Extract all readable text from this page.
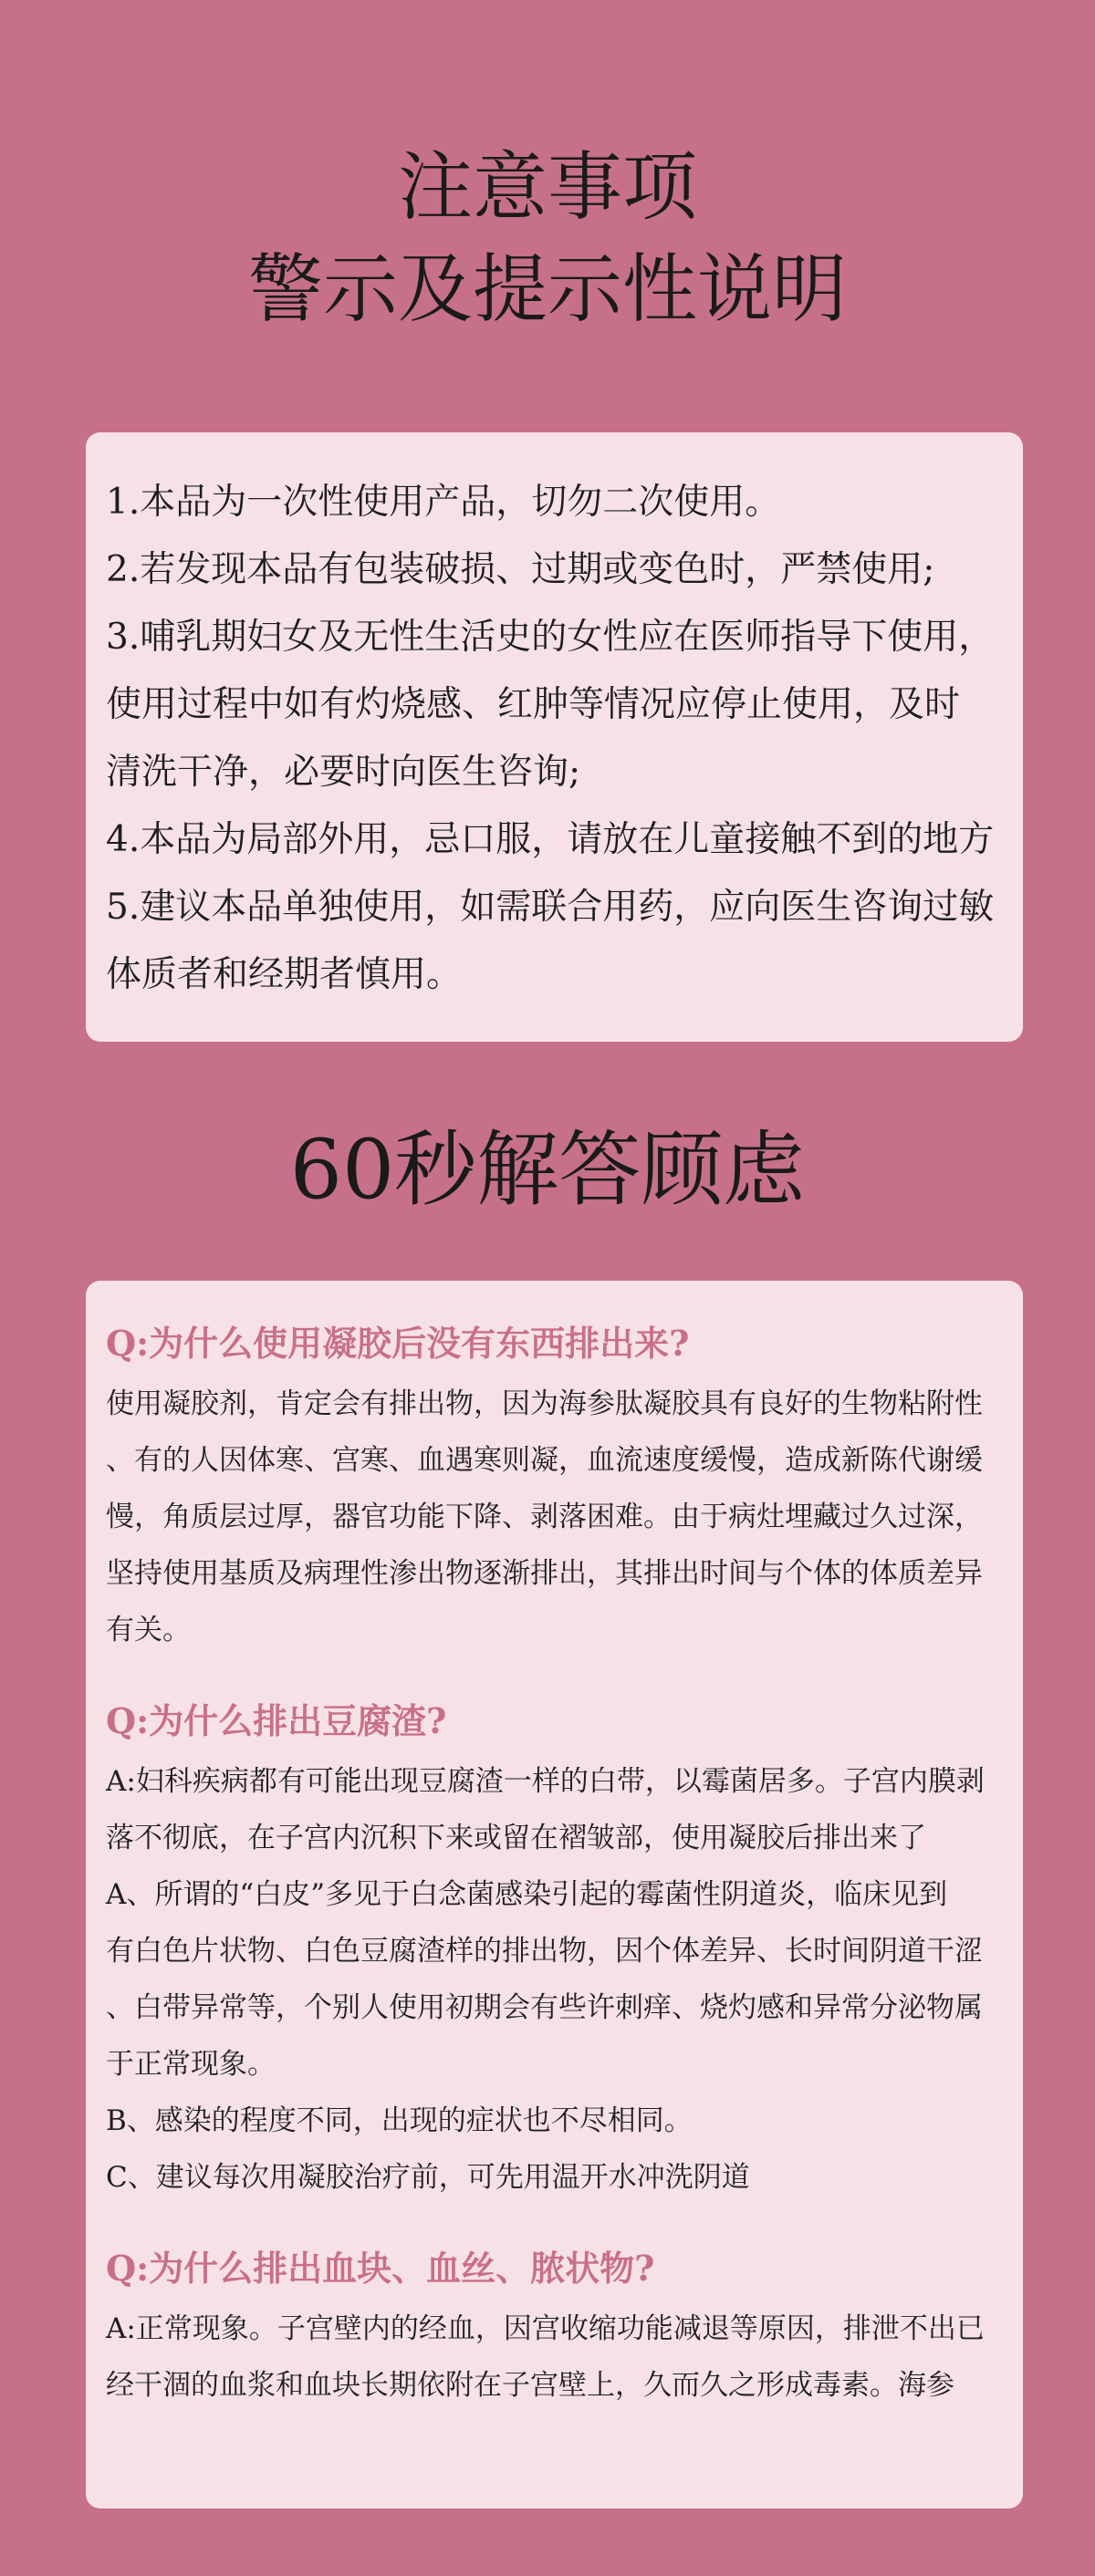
注意事项
警示及提示性说明
1.本品为一次性使用产品，切勿二次使用。
2.若发现本品有包装破损、过期或变色时，严禁使用;
3.哺乳期妇女及无性生活史的女性应在医师指导下使用，
使用过程中如有灼烧感、红肿等情况应停止使用，及时
清洗干净，必要时向医生咨询;
4.本品为局部外用，忌口服，请放在儿童接触不到的地方
5.建议本品单独使用，如需联合用药，应向医生咨询过敏
体质者和经期者慎用。
60秒解答顾虑
Q:为什么使用凝胶后没有东西排出来?
使用凝胶剂，肯定会有排出物，因为海参肽凝胶具有良好的生物粘附性
、有的人因体寒、宫寒、血遇寒则凝，血流速度缓慢，造成新陈代谢缓
慢，角质层过厚，器官功能下降、剥落困难。由于病灶埋藏过久过深，
坚持使用基质及病理性渗出物逐渐排出，其排出时间与个体的体质差异
有关。
Q:为什么排出豆腐渣?
A:妇科疾病都有可能出现豆腐渣一样的白带，以霉菌居多。子宫内膜剥
落不彻底，在子宫内沉积下来或留在褶皱部，使用凝胶后排出来了
A、所谓的“白皮”多见于白念菌感染引起的霉菌性阴道炎，临床见到
有白色片状物、白色豆腐渣样的排出物，因个体差异、长时间阴道干涩
、白带异常等，个别人使用初期会有些许刺痒、烧灼感和异常分泌物属
于正常现象。
B、感染的程度不同，出现的症状也不尽相同。
C、建议每次用凝胶治疗前，可先用温开水冲洗阴道
Q:为什么排出血块、血丝、脓状物?
A:正常现象。子宫壁内的经血，因宫收缩功能减退等原因，排泄不出已
经干涸的血浆和血块长期依附在子宫壁上，久而久之形成毒素。海参
